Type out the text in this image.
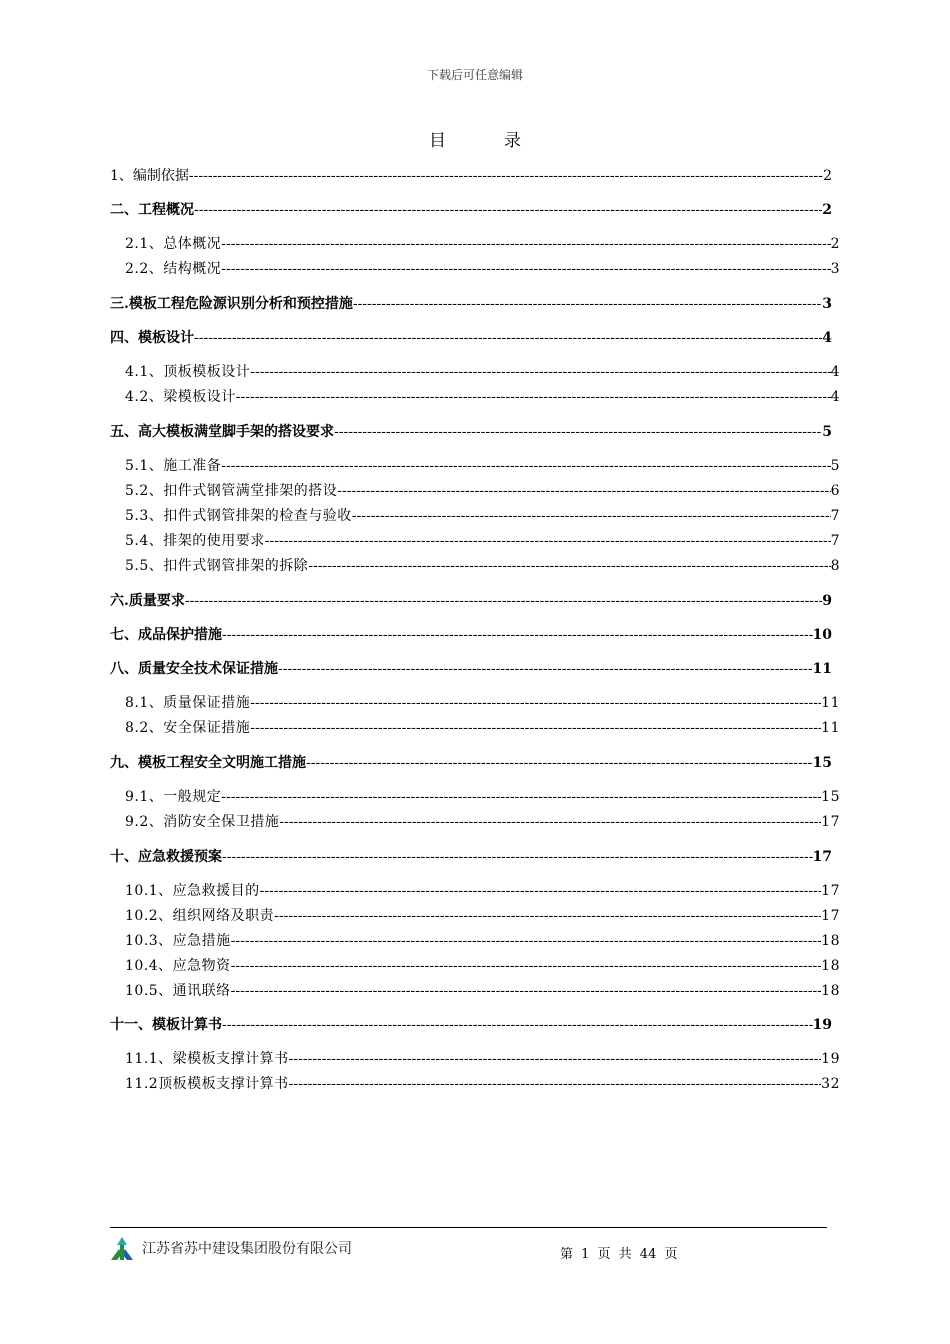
下载后可任意编辑
目	录
1、编制依据 -----	2
二、工程概况 -----	2
2.1、总体概况 -----	2
2.2、结构概况 -----	3
三.模板工程危险源识别分析和预控措施 -----	3
四、模板设计 -----	4
4.1、顶板模板设计 -----	4
4.2、梁模板设计 -----	4
五、高大模板满堂脚手架的搭设要求 -----	5
5.1、施工准备 -----	5
5.2、扣件式钢管满堂排架的搭设 -----	6
5.3、扣件式钢管排架的检查与验收 -----	7
5.4、排架的使用要求 -----	7
5.5、扣件式钢管排架的拆除 -----	8
六.质量要求 -----	9
七、成品保护措施 -----	10
八、质量安全技术保证措施 -----	11
8.1、质量保证措施 -----	11
8.2、安全保证措施 -----	11
九、模板工程安全文明施工措施 -----	15
9.1、一般规定 -----	15
9.2、消防安全保卫措施 -----	17
十、应急救援预案 -----	17
10.1、应急救援目的 -----	17
10.2、组织网络及职责 -----	17
10.3、应急措施 -----	18
10.4、应急物资 -----	18
10.5、通讯联络 -----	18
十一、模板计算书 -----	19
11.1、梁模板支撑计算书 -----	19
11.2顶板模板支撑计算书 -----	32
江苏省苏中建设集团股份有限公司	第 1 页 共 44 页
